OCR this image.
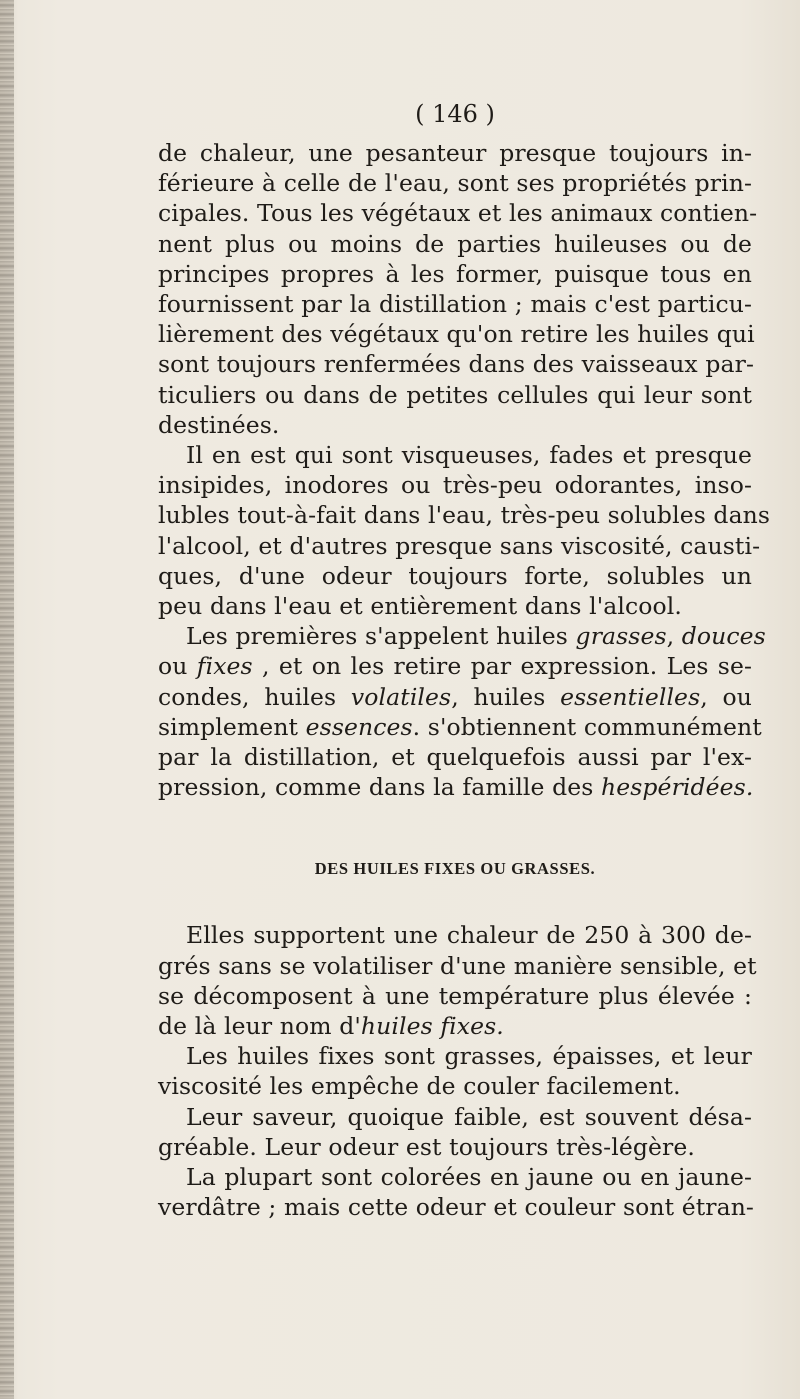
( 146 )
de chaleur, une pesanteur presque toujours in-
férieure à celle de l'eau, sont ses propriétés prin-
cipales. Tous les végétaux et les animaux contien-
nent plus ou moins de parties huileuses ou de
principes propres à les former, puisque tous en
fournissent par la distillation ; mais c'est particu-
lièrement des végétaux qu'on retire les huiles qui
sont toujours renfermées dans des vaisseaux par-
ticuliers ou dans de petites cellules qui leur sont
destinées.
Il en est qui sont visqueuses, fades et presque
insipides, inodores ou très-peu odorantes, inso-
lubles tout-à-fait dans l'eau, très-peu solubles dans
l'alcool, et d'autres presque sans viscosité, causti-
ques, d'une odeur toujours forte, solubles un
peu dans l'eau et entièrement dans l'alcool.
Les premières s'appelent huiles grasses, douces
ou fixes , et on les retire par expression. Les se-
condes, huiles volatiles, huiles essentielles, ou
simplement essences. s'obtiennent communément
par la distillation, et quelquefois aussi par l'ex-
pression, comme dans la famille des hespéridées.
DES HUILES FIXES OU GRASSES.
Elles supportent une chaleur de 250 à 300 de-
grés sans se volatiliser d'une manière sensible, et
se décomposent à une température plus élevée :
de là leur nom d'huiles fixes.
Les huiles fixes sont grasses, épaisses, et leur
viscosité les empêche de couler facilement.
Leur saveur, quoique faible, est souvent désa-
gréable. Leur odeur est toujours très-légère.
La plupart sont colorées en jaune ou en jaune-
verdâtre ; mais cette odeur et couleur sont étran-
